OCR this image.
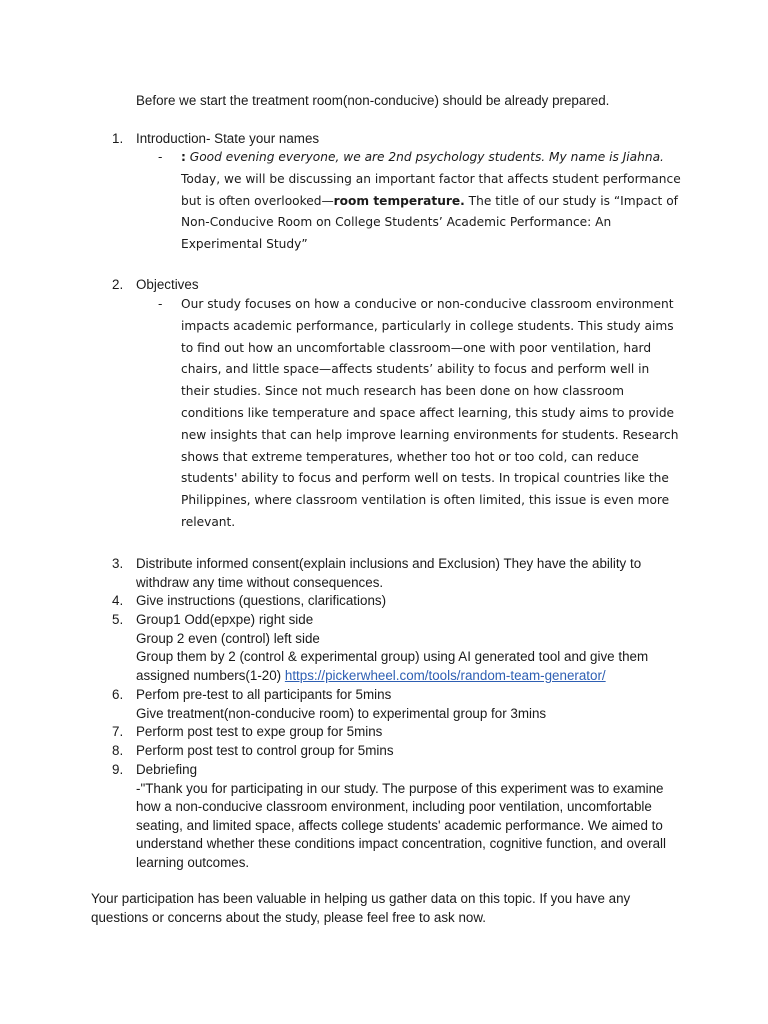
Before we start the treatment room(non-conducive) should be already prepared.

1. Introduction- State your names
- : Good evening everyone, we are 2nd psychology students. My name is Jiahna. Today, we will be discussing an important factor that affects student performance but is often overlooked—room temperature. The title of our study is “Impact of Non-Conducive Room on College Students’ Academic Performance: An Experimental Study”

2. Objectives
- Our study focuses on how a conducive or non-conducive classroom environment impacts academic performance, particularly in college students. This study aims to find out how an uncomfortable classroom—one with poor ventilation, hard chairs, and little space—affects students’ ability to focus and perform well in their studies. Since not much research has been done on how classroom conditions like temperature and space affect learning, this study aims to provide new insights that can help improve learning environments for students. Research shows that extreme temperatures, whether too hot or too cold, can reduce students' ability to focus and perform well on tests. In tropical countries like the Philippines, where classroom ventilation is often limited, this issue is even more relevant.

3. Distribute informed consent(explain inclusions and Exclusion) They have the ability to withdraw any time without consequences.
4. Give instructions (questions, clarifications)
5. Group1 Odd(epxpe) right side
Group 2 even (control) left side
Group them by 2 (control & experimental group) using AI generated tool and give them assigned numbers(1-20) https://pickerwheel.com/tools/random-team-generator/
6. Perfom pre-test to all participants for 5mins
Give treatment(non-conducive room) to experimental group for 3mins
7. Perform post test to expe group for 5mins
8. Perform post test to control group for 5mins
9. Debriefing
-"Thank you for participating in our study. The purpose of this experiment was to examine how a non-conducive classroom environment, including poor ventilation, uncomfortable seating, and limited space, affects college students' academic performance. We aimed to understand whether these conditions impact concentration, cognitive function, and overall learning outcomes.

Your participation has been valuable in helping us gather data on this topic. If you have any questions or concerns about the study, please feel free to ask now.
